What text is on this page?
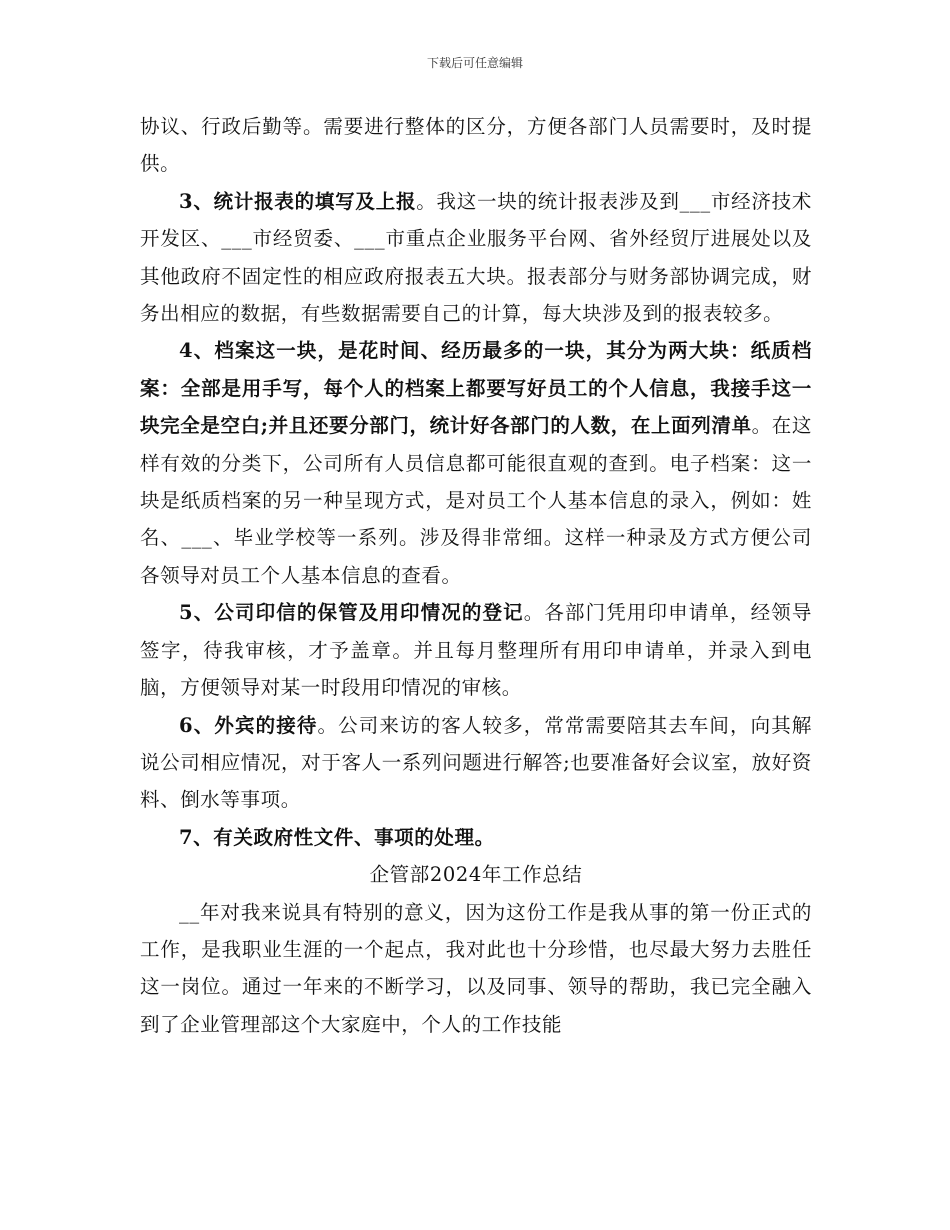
下载后可任意编辑

协议、行政后勤等。需要进行整体的区分，方便各部门人员需要时，及时提供。

3、统计报表的填写及上报。我这一块的统计报表涉及到___市经济技术开发区、___市经贸委、___市重点企业服务平台网、省外经贸厅进展处以及其他政府不固定性的相应政府报表五大块。报表部分与财务部协调完成，财务出相应的数据，有些数据需要自己的计算，每大块涉及到的报表较多。

4、档案这一块，是花时间、经历最多的一块，其分为两大块：纸质档案：全部是用手写，每个人的档案上都要写好员工的个人信息，我接手这一块完全是空白;并且还要分部门，统计好各部门的人数，在上面列清单。在这样有效的分类下，公司所有人员信息都可能很直观的查到。电子档案：这一块是纸质档案的另一种呈现方式，是对员工个人基本信息的录入，例如：姓名、___、毕业学校等一系列。涉及得非常细。这样一种录及方式方便公司各领导对员工个人基本信息的查看。

5、公司印信的保管及用印情况的登记。各部门凭用印申请单，经领导签字，待我审核，才予盖章。并且每月整理所有用印申请单，并录入到电脑，方便领导对某一时段用印情况的审核。

6、外宾的接待。公司来访的客人较多，常常需要陪其去车间，向其解说公司相应情况，对于客人一系列问题进行解答;也要准备好会议室，放好资料、倒水等事项。

7、有关政府性文件、事项的处理。

企管部2024年工作总结

__年对我来说具有特别的意义，因为这份工作是我从事的第一份正式的工作，是我职业生涯的一个起点，我对此也十分珍惜，也尽最大努力去胜任这一岗位。通过一年来的不断学习，以及同事、领导的帮助，我已完全融入到了企业管理部这个大家庭中，个人的工作技能
